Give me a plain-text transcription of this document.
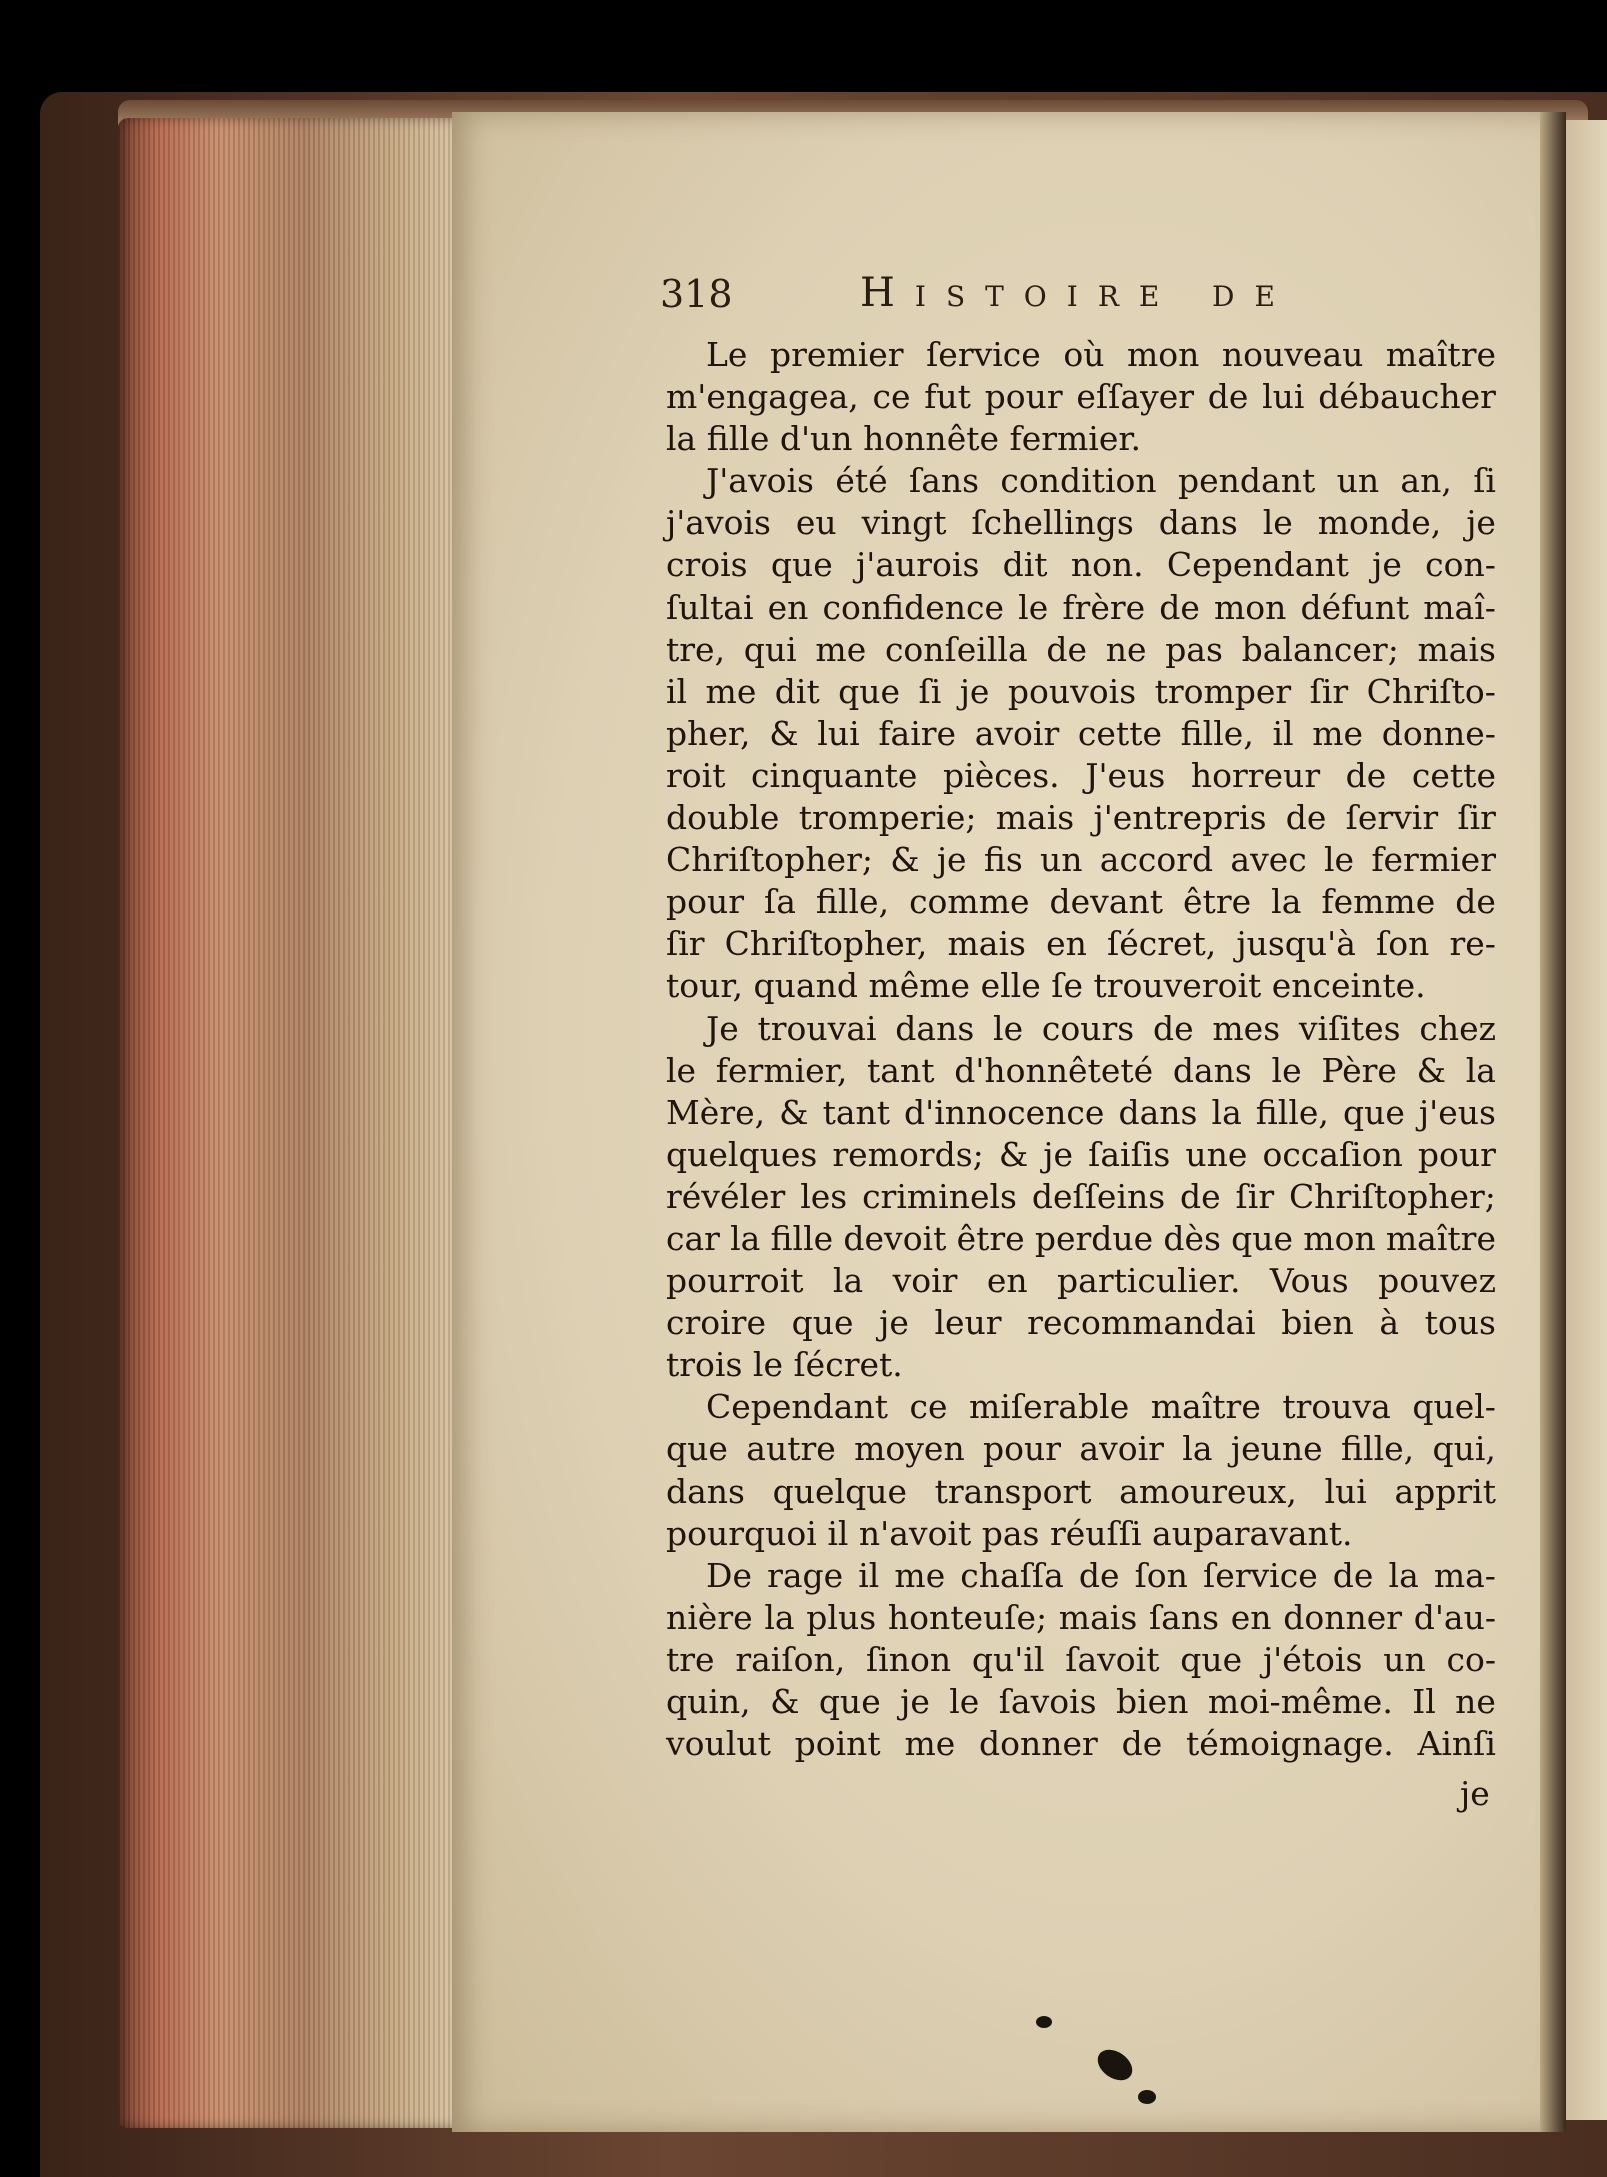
318	Histoire de
Le premier ſervice où mon nouveau maître
m'engagea, ce fut pour eſſayer de lui débaucher
la fille d'un honnête fermier.
J'avois été ſans condition pendant un an, ſi
j'avois eu vingt ſchellings dans le monde, je
crois que j'aurois dit non. Cependant je con-
ſultai en confidence le frère de mon défunt maî-
tre, qui me conſeilla de ne pas balancer; mais
il me dit que ſi je pouvois tromper ſir Chriſto-
pher, & lui faire avoir cette fille, il me donne-
roit cinquante pièces. J'eus horreur de cette
double tromperie; mais j'entrepris de ſervir ſir
Chriſtopher; & je fis un accord avec le fermier
pour ſa fille, comme devant être la femme de
ſir Chriſtopher, mais en ſécret, jusqu'à ſon re-
tour, quand même elle ſe trouveroit enceinte.
Je trouvai dans le cours de mes viſites chez
le fermier, tant d'honnêteté dans le Père & la
Mère, & tant d'innocence dans la fille, que j'eus
quelques remords; & je ſaiſis une occaſion pour
révéler les criminels deſſeins de ſir Chriſtopher;
car la fille devoit être perdue dès que mon maître
pourroit la voir en particulier. Vous pouvez
croire que je leur recommandai bien à tous
trois le ſécret.
Cependant ce miſerable maître trouva quel-
que autre moyen pour avoir la jeune fille, qui,
dans quelque transport amoureux, lui apprit
pourquoi il n'avoit pas réuſſi auparavant.
De rage il me chaſſa de ſon ſervice de la ma-
nière la plus honteuſe; mais ſans en donner d'au-
tre raiſon, ſinon qu'il ſavoit que j'étois un co-
quin, & que je le ſavois bien moi-même. Il ne
voulut point me donner de témoignage. Ainſi
je
